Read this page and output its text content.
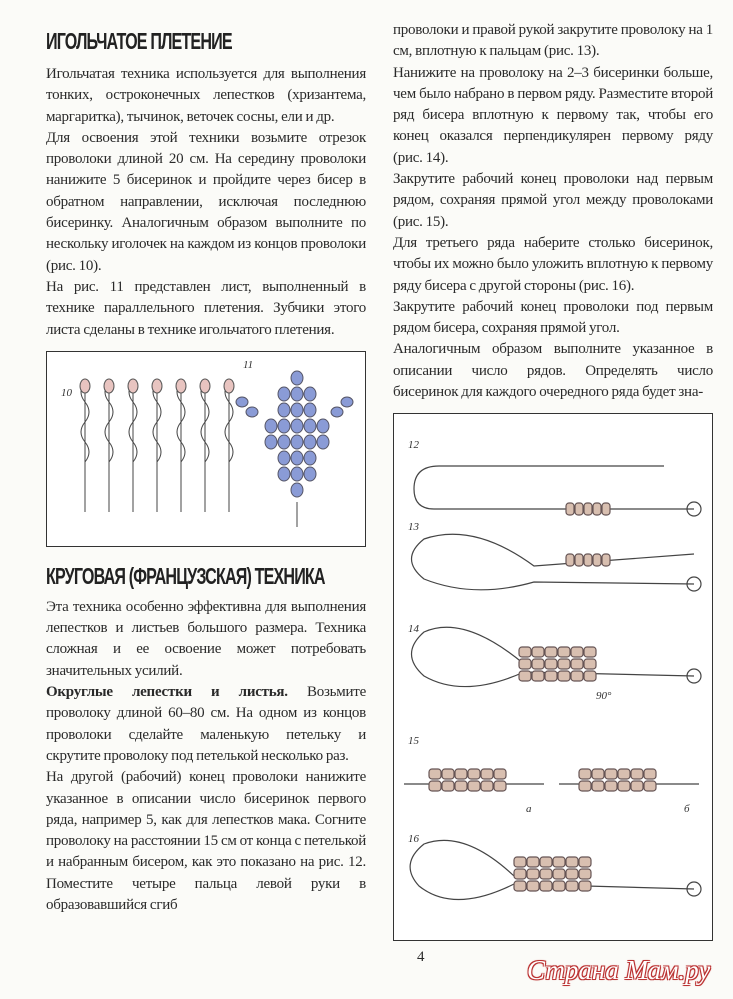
ИГОЛЬЧАТОЕ ПЛЕТЕНИЕ

Игольчатая техника используется для выполнения тонких, остроконечных лепестков (хризантема, маргаритка), тычинок, веточек сосны, ели и др.

Для освоения этой техники возьмите отрезок проволоки длиной 20 см. На середину проволоки нанижите 5 бисеринок и пройдите через бисер в обратном направлении, исключая последнюю бисеринку. Аналогичным образом выполните по нескольку иголочек на каждом из концов проволоки (рис. 10).

На рис. 11 представлен лист, выполненный в технике параллельного плетения. Зубчики этого листа сделаны в технике игольчатого плетения.

10
11
КРУГОВАЯ (ФРАНЦУЗСКАЯ) ТЕХНИКА

Эта техника особенно эффективна для выполнения лепестков и листьев большого размера. Техника сложная и ее освоение может потребовать значительных усилий.

Округлые лепестки и листья. Возьмите проволоку длиной 60–80 см. На одном из концов проволоки сделайте маленькую петельку и скрутите проволоку под петелькой несколько раз.

На другой (рабочий) конец проволоки нанижите указанное в описании число бисеринок первого ряда, например 5, как для лепестков мака. Согните проволоку на расстоянии 15 см от конца с петелькой и набранным бисером, как это показано на рис. 12. Поместите четыре пальца левой руки в образовавшийся сгиб

проволоки и правой рукой закрутите проволоку на 1 см, вплотную к пальцам (рис. 13).

Нанижите на проволоку на 2–3 бисеринки больше, чем было набрано в первом ряду. Разместите второй ряд бисера вплотную к первому так, чтобы его конец оказался перпендикулярен первому ряду (рис. 14).

Закрутите рабочий конец проволоки над первым рядом, сохраняя прямой угол между проволоками (рис. 15).

Для третьего ряда наберите столько бисеринок, чтобы их можно было уложить вплотную к первому ряду бисера с другой стороны (рис. 16).

Закрутите рабочий конец проволоки под первым рядом бисера, сохраняя прямой угол.

Аналогичным образом выполните указанное в описании число рядов. Определять число бисеринок для каждого очередного ряда будет зна-

12
13
14
90°
15
а	б
16
4	Страна Мам.ру
